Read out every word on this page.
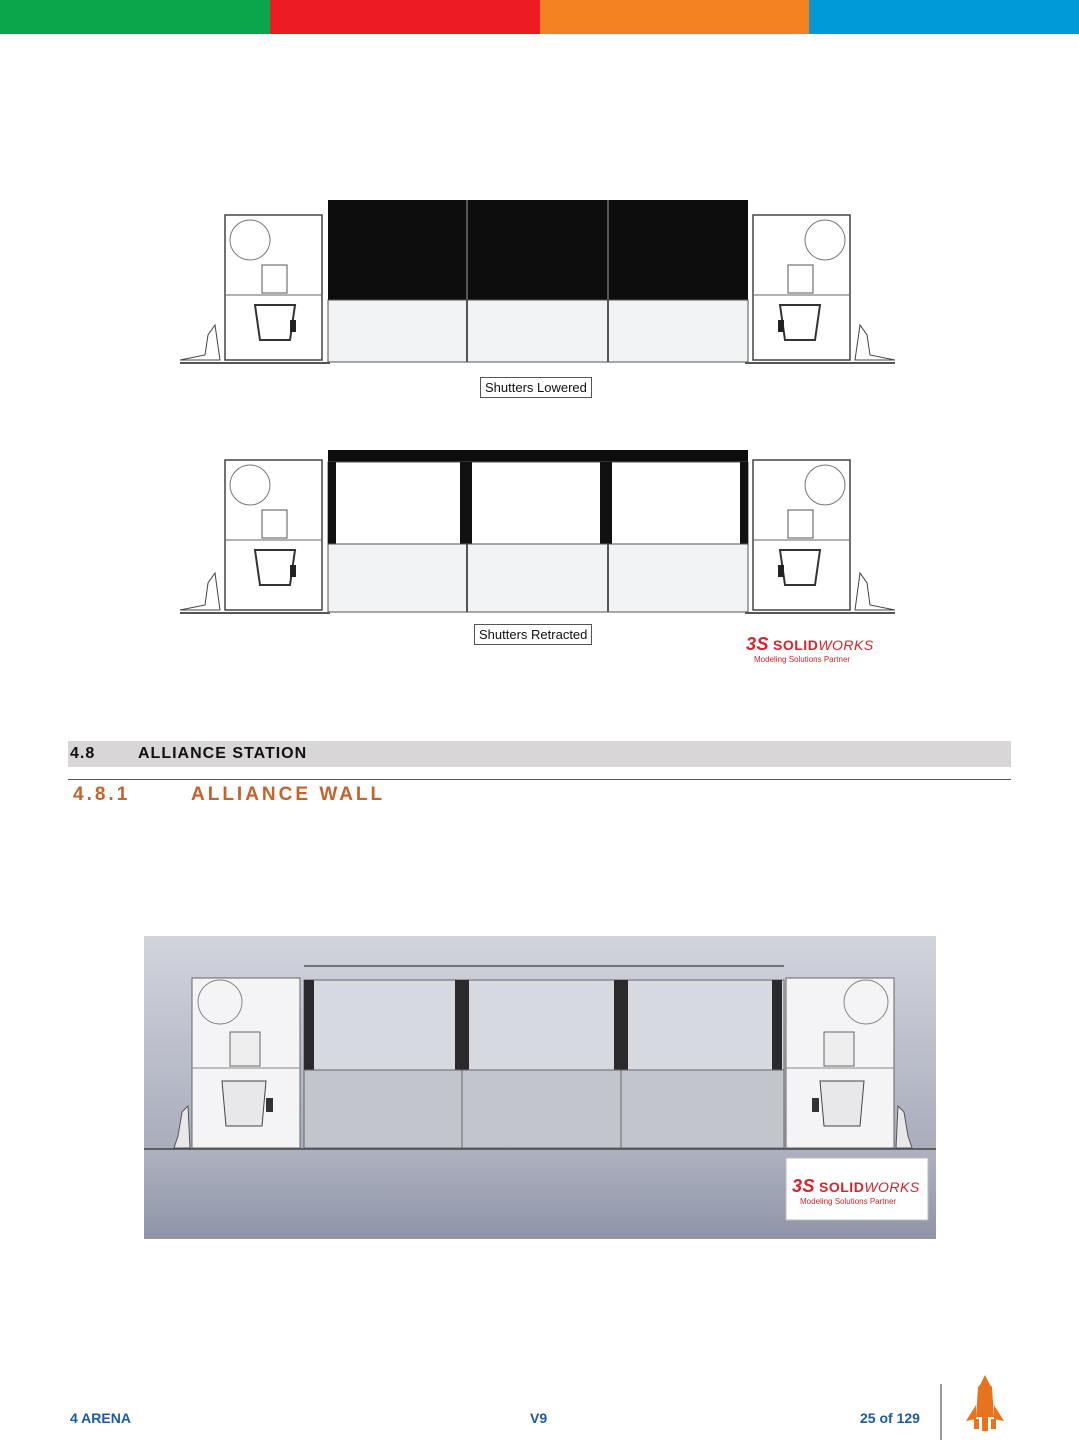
Shutters Lowered
Shutters Retracted	3S SOLIDWORKS
Modeling Solutions Partner
4.8	ALLIANCE STATION
4.8.1	ALLIANCE WALL
3S SOLIDWORKS
Modeling Solutions Partner
4 ARENA	V9	25 of 129
